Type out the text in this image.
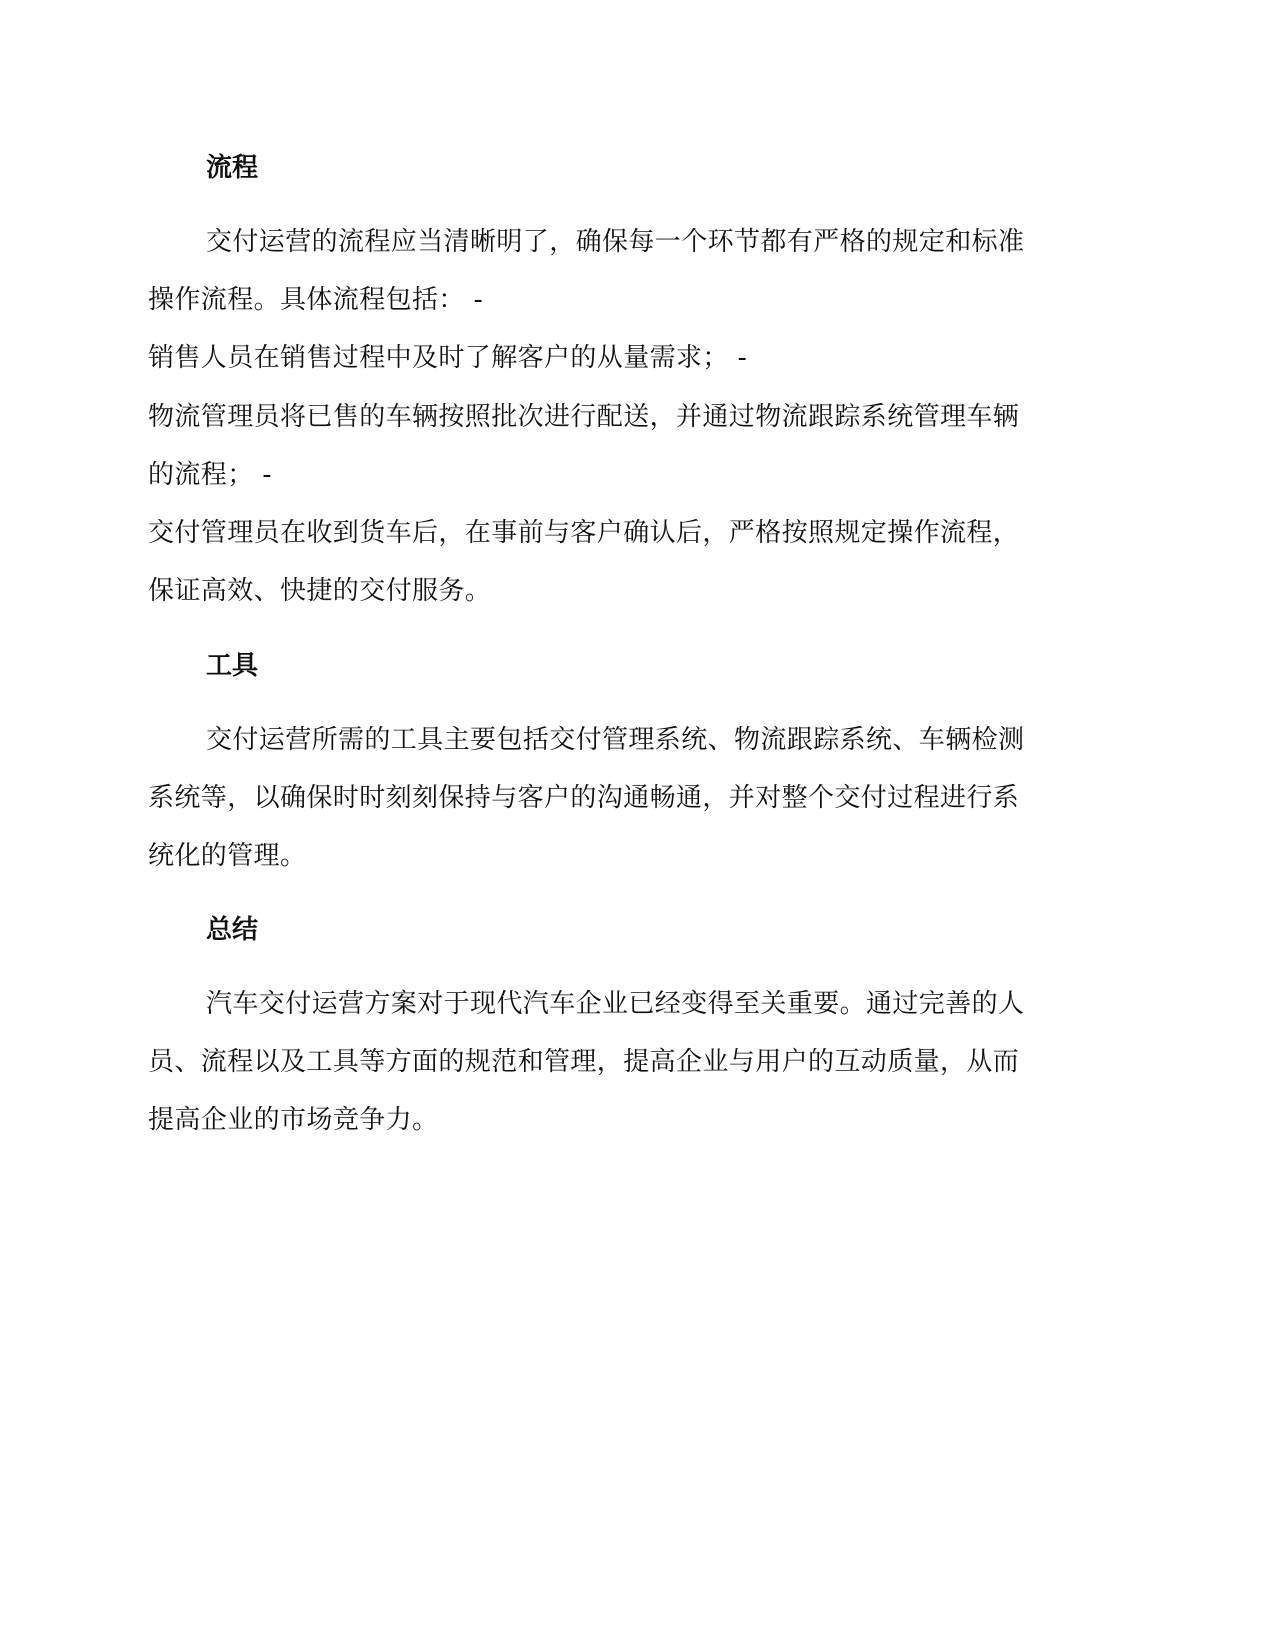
流程
交付运营的流程应当清晰明了，确保每一个环节都有严格的规定和标准
操作流程。具体流程包括： -
销售人员在销售过程中及时了解客户的从量需求； -
物流管理员将已售的车辆按照批次进行配送，并通过物流跟踪系统管理车辆
的流程； -
交付管理员在收到货车后，在事前与客户确认后，严格按照规定操作流程，
保证高效、快捷的交付服务。
工具
交付运营所需的工具主要包括交付管理系统、物流跟踪系统、车辆检测
系统等，以确保时时刻刻保持与客户的沟通畅通，并对整个交付过程进行系
统化的管理。
总结
汽车交付运营方案对于现代汽车企业已经变得至关重要。通过完善的人
员、流程以及工具等方面的规范和管理，提高企业与用户的互动质量，从而
提高企业的市场竞争力。
